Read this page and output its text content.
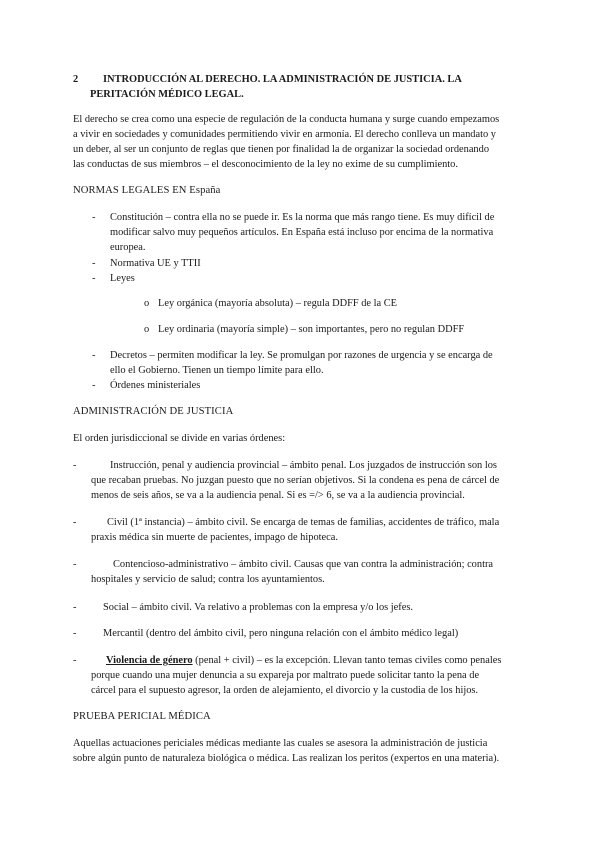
2 INTRODUCCIÓN AL DERECHO. LA ADMINISTRACIÓN DE JUSTICIA. LA
PERITACIÓN MÉDICO LEGAL.
El derecho se crea como una especie de regulación de la conducta humana y surge cuando empezamos
a vivir en sociedades y comunidades permitiendo vivir en armonía. El derecho conlleva un mandato y
un deber, al ser un conjunto de reglas que tienen por finalidad la de organizar la sociedad ordenando
las conductas de sus miembros – el desconocimiento de la ley no exime de su cumplimiento.
NORMAS LEGALES EN España
- Constitución – contra ella no se puede ir. Es la norma que más rango tiene. Es muy difícil de
modificar salvo muy pequeños artículos. En España está incluso por encima de la normativa
europea.
- Normativa UE y TTII
- Leyes
o Ley orgánica (mayoría absoluta) – regula DDFF de la CE
o Ley ordinaria (mayoría simple) – son importantes, pero no regulan DDFF
- Decretos – permiten modificar la ley. Se promulgan por razones de urgencia y se encarga de
ello el Gobierno. Tienen un tiempo límite para ello.
- Órdenes ministeriales
ADMINISTRACIÓN DE JUSTICIA
El orden jurisdiccional se divide en varias órdenes:
-	Instrucción, penal y audiencia provincial – ámbito penal. Los juzgados de instrucción son los
que recaban pruebas. No juzgan puesto que no serían objetivos. Si la condena es pena de cárcel de
menos de seis años, se va a la audiencia penal. Si es =/> 6, se va a la audiencia provincial.
-	Civil (1ª instancia) – ámbito civil. Se encarga de temas de familias, accidentes de tráfico, mala
praxis médica sin muerte de pacientes, impago de hipoteca.
-	Contencioso-administrativo – ámbito civil. Causas que van contra la administración; contra
hospitales y servicio de salud; contra los ayuntamientos.
-	Social – ámbito civil. Va relativo a problemas con la empresa y/o los jefes.
-	Mercantil (dentro del ámbito civil, pero ninguna relación con el ámbito médico legal)
-	Violencia de género (penal + civil) – es la excepción. Llevan tanto temas civiles como penales
porque cuando una mujer denuncia a su expareja por maltrato puede solicitar tanto la pena de
cárcel para el supuesto agresor, la orden de alejamiento, el divorcio y la custodia de los hijos.
PRUEBA PERICIAL MÉDICA
Aquellas actuaciones periciales médicas mediante las cuales se asesora la administración de justicia
sobre algún punto de naturaleza biológica o médica. Las realizan los peritos (expertos en una materia).
